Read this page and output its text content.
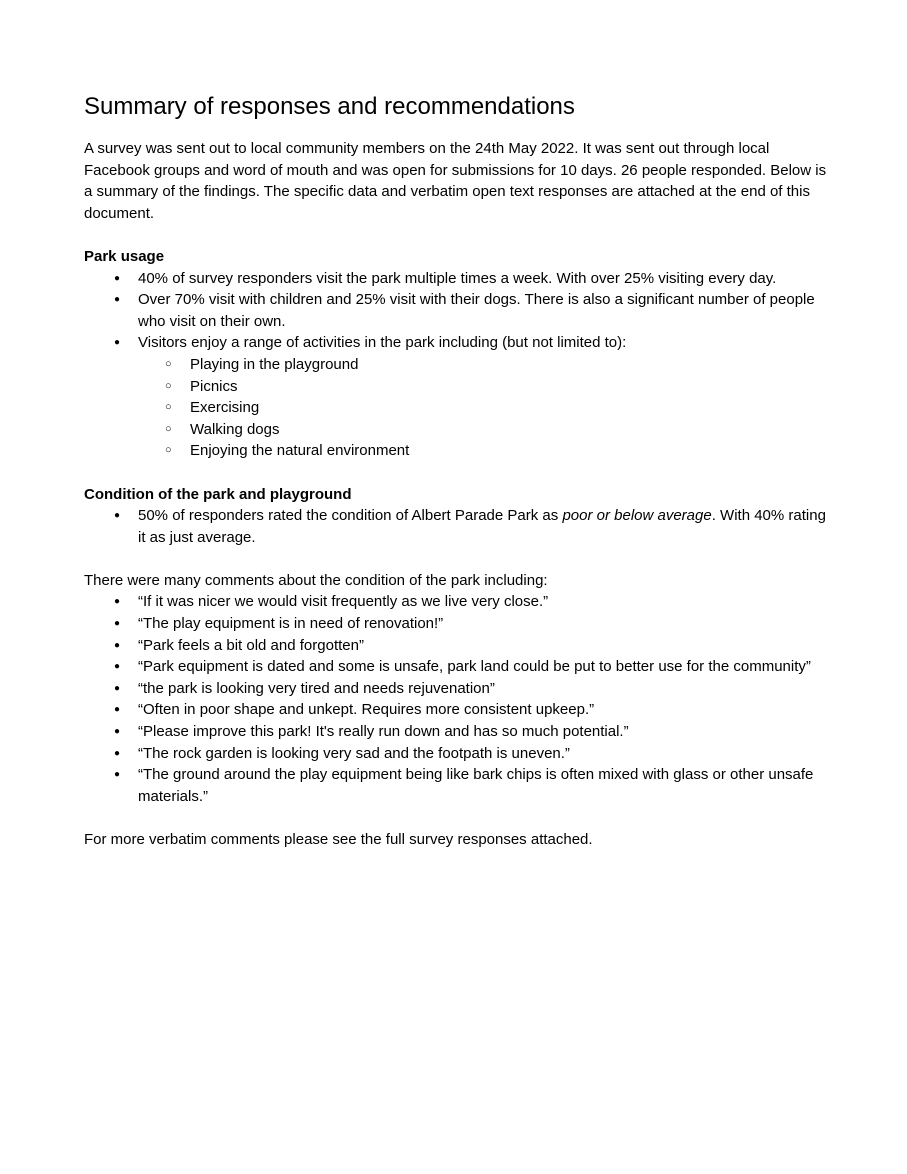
Summary of responses and recommendations

A survey was sent out to local community members on the 24th May 2022. It was sent out through local Facebook groups and word of mouth and was open for submissions for 10 days. 26 people responded. Below is a summary of the findings. The specific data and verbatim open text responses are attached at the end of this document.

Park usage
● 40% of survey responders visit the park multiple times a week. With over 25% visiting every day.
● Over 70% visit with children and 25% visit with their dogs. There is also a significant number of people who visit on their own.
● Visitors enjoy a range of activities in the park including (but not limited to):
○ Playing in the playground
○ Picnics
○ Exercising
○ Walking dogs
○ Enjoying the natural environment
Condition of the park and playground
● 50% of responders rated the condition of Albert Parade Park as poor or below average. With 40% rating it as just average.

There were many comments about the condition of the park including:

● “If it was nicer we would visit frequently as we live very close.”
● “The play equipment is in need of renovation!”
● “Park feels a bit old and forgotten”
● “Park equipment is dated and some is unsafe, park land could be put to better use for the community”
● “the park is looking very tired and needs rejuvenation”
● “Often in poor shape and unkept. Requires more consistent upkeep.”
● “Please improve this park! It's really run down and has so much potential.”
● “The rock garden is looking very sad and the footpath is uneven.”
● “The ground around the play equipment being like bark chips is often mixed with glass or other unsafe materials.”

For more verbatim comments please see the full survey responses attached.
